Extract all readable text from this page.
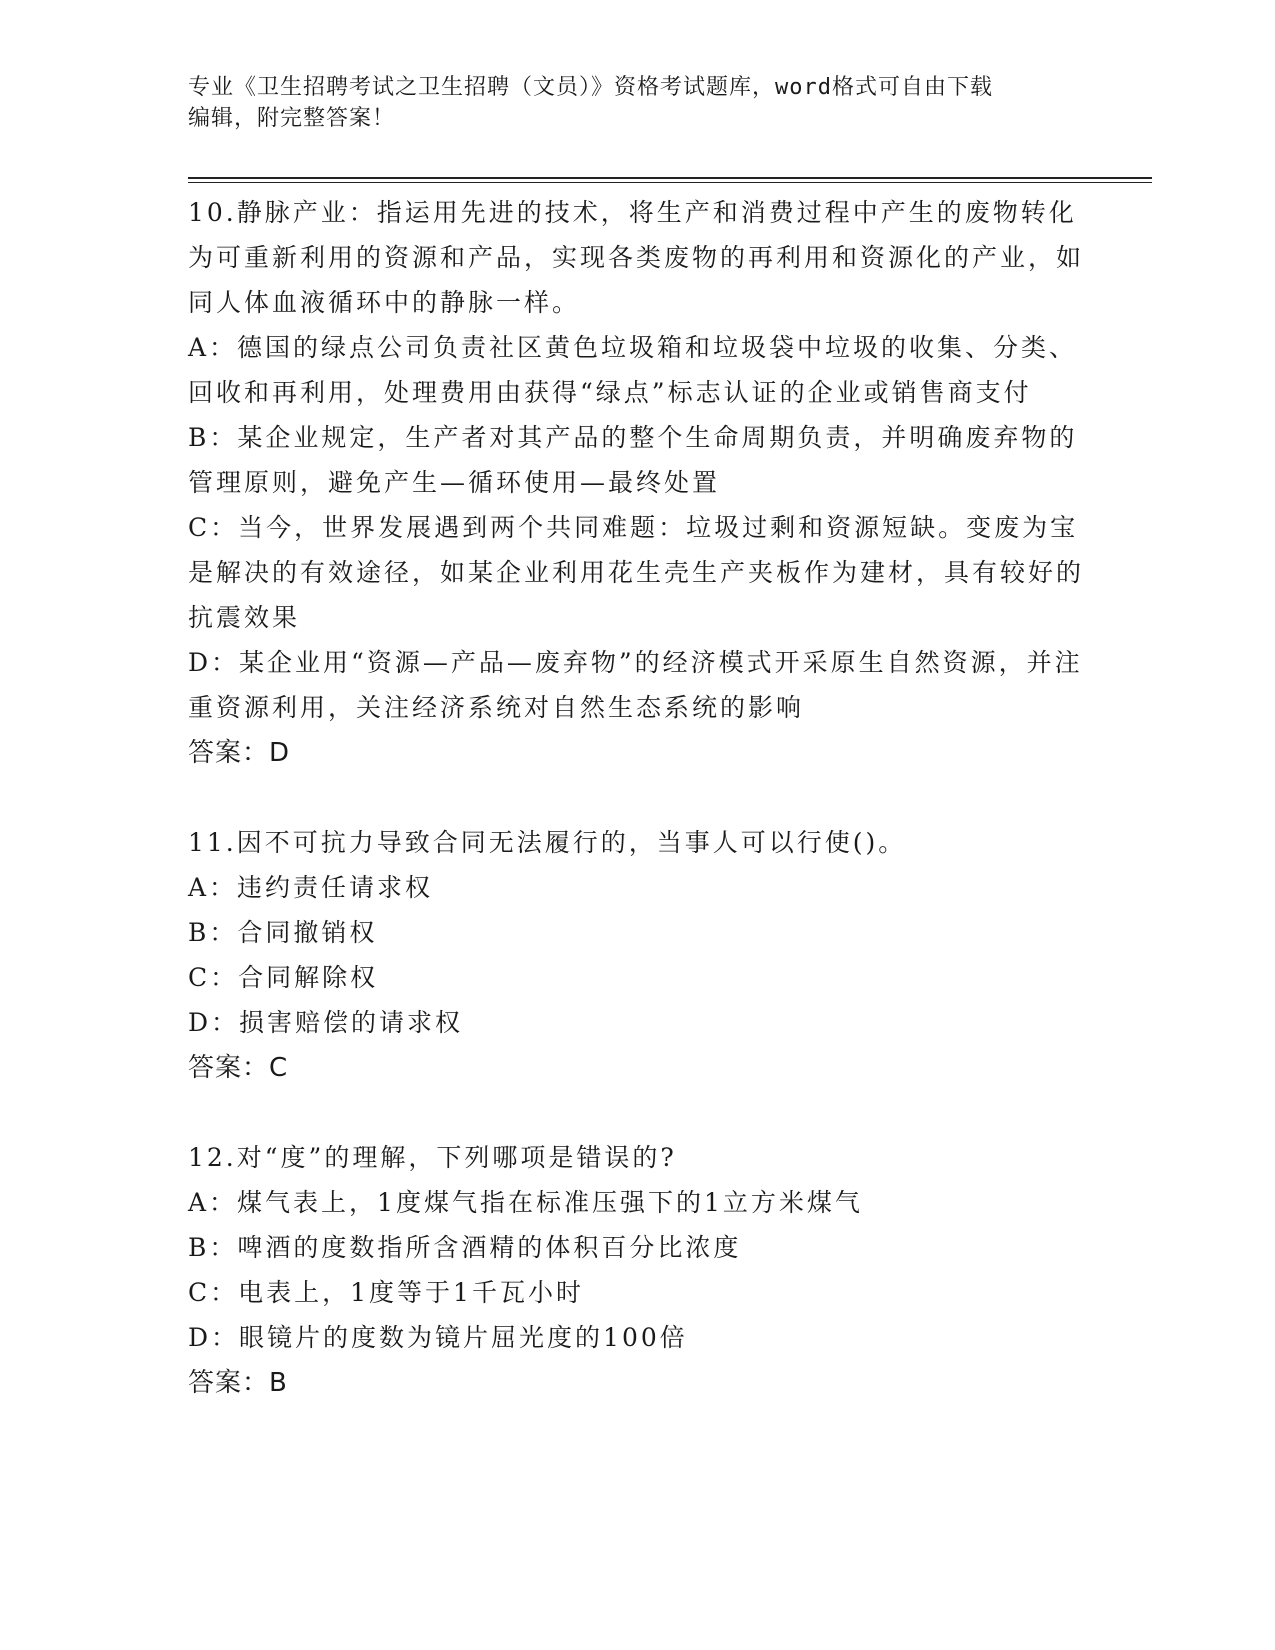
专业《卫生招聘考试之卫生招聘（文员）》资格考试题库，word格式可自由下载
编辑，附完整答案！

10.静脉产业：指运用先进的技术，将生产和消费过程中产生的废物转化为可重新利用的资源和产品，实现各类废物的再利用和资源化的产业，如同人体血液循环中的静脉一样。

A：德国的绿点公司负责社区黄色垃圾箱和垃圾袋中垃圾的收集、分类、回收和再利用，处理费用由获得“绿点”标志认证的企业或销售商支付

B：某企业规定，生产者对其产品的整个生命周期负责，并明确废弃物的管理原则，避免产生—循环使用—最终处置

C：当今，世界发展遇到两个共同难题：垃圾过剩和资源短缺。变废为宝是解决的有效途径，如某企业利用花生壳生产夹板作为建材，具有较好的抗震效果

D：某企业用“资源—产品—废弃物”的经济模式开采原生自然资源，并注重资源利用，关注经济系统对自然生态系统的影响

答案：D

11.因不可抗力导致合同无法履行的，当事人可以行使()。

A：违约责任请求权

B：合同撤销权

C：合同解除权

D：损害赔偿的请求权

答案：C

12.对“度”的理解，下列哪项是错误的?

A：煤气表上，1度煤气指在标准压强下的1立方米煤气

B：啤酒的度数指所含酒精的体积百分比浓度

C：电表上，1度等于1千瓦小时

D：眼镜片的度数为镜片屈光度的100倍

答案：B
